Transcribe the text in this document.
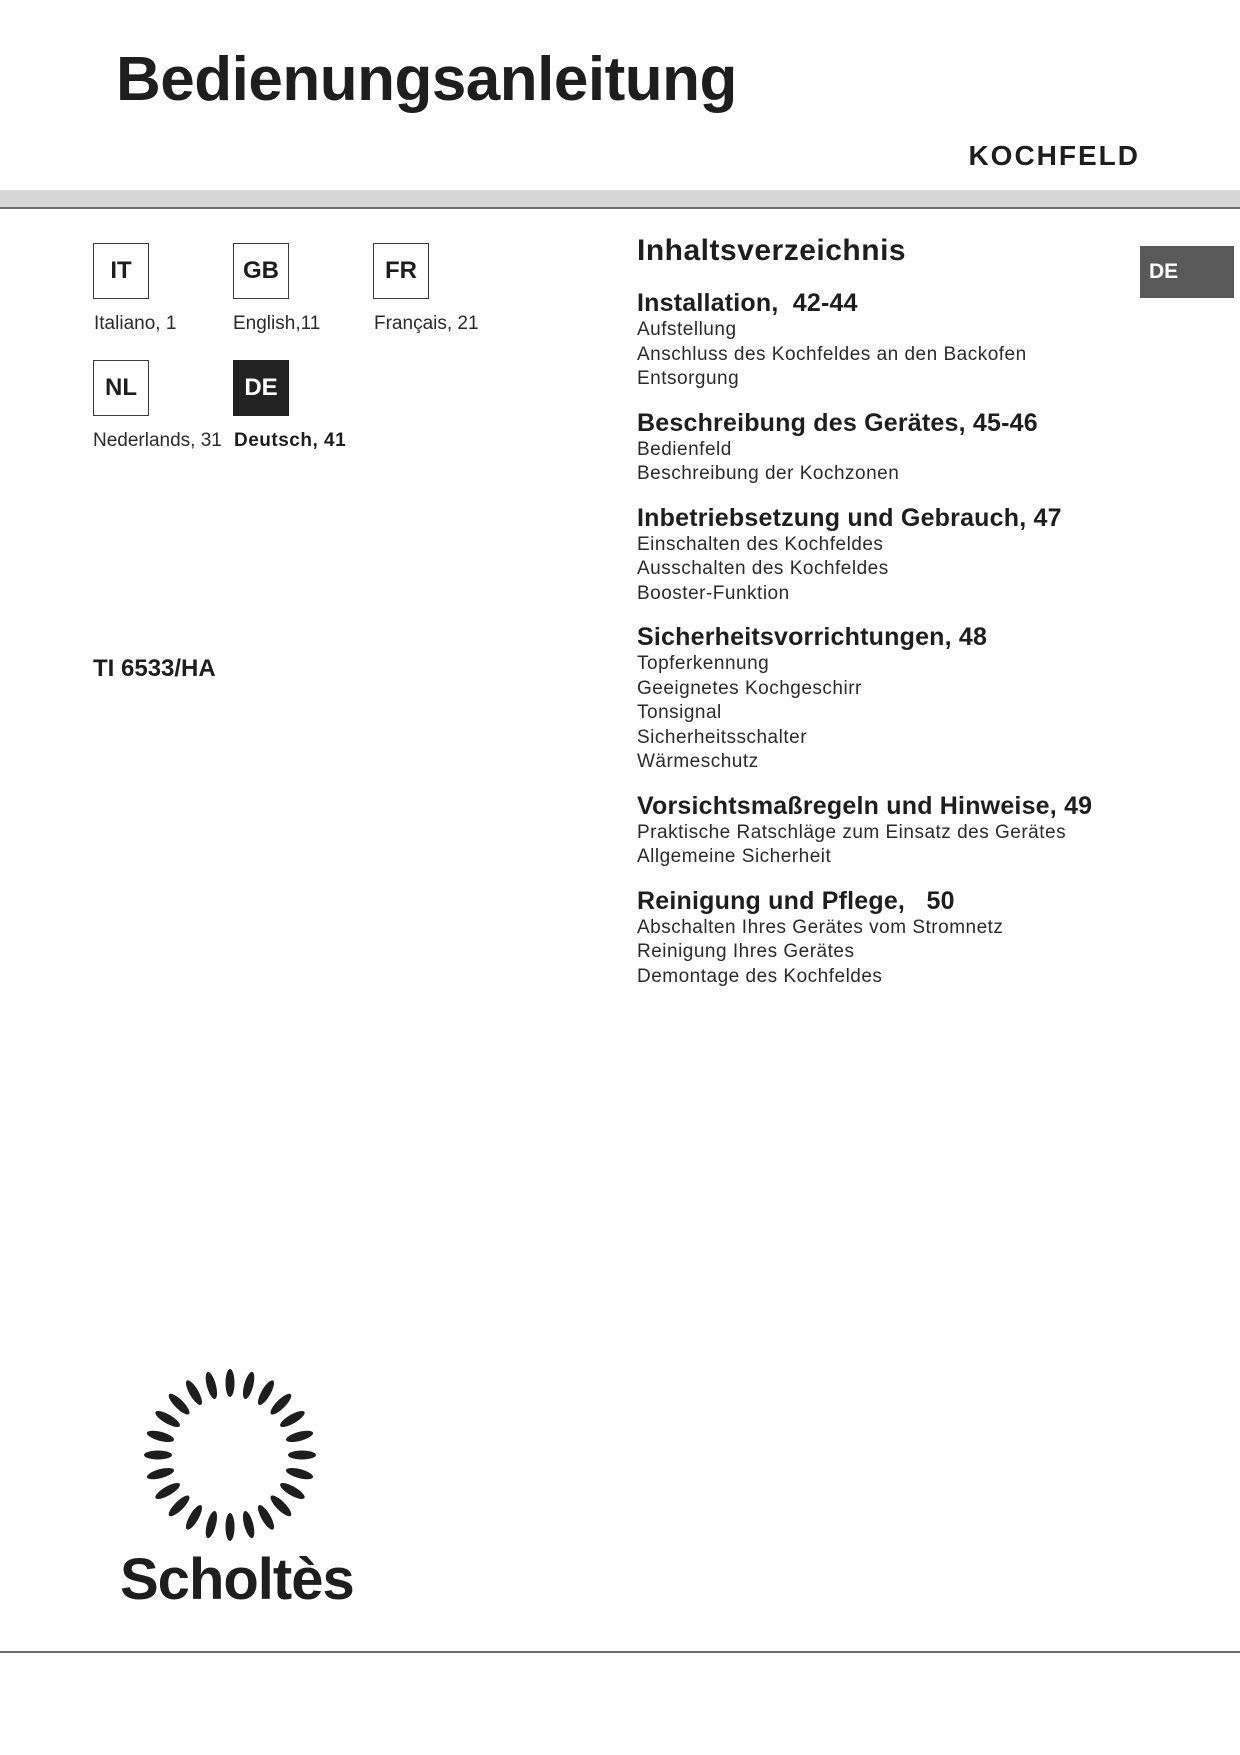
Bedienungsanleitung
KOCHFELD
IT
Italiano, 1
GB
English,11
FR
Français, 21
NL
Nederlands, 31
DE
Deutsch, 41
TI 6533/HA
DE
Inhaltsverzeichnis
Installation,  42-44
Aufstellung
Anschluss des Kochfeldes an den Backofen
Entsorgung
Beschreibung des Gerätes, 45-46
Bedienfeld
Beschreibung der Kochzonen
Inbetriebsetzung und Gebrauch, 47
Einschalten des Kochfeldes
Ausschalten des Kochfeldes
Booster-Funktion
Sicherheitsvorrichtungen, 48
Topferkennung
Geeignetes Kochgeschirr
Tonsignal
Sicherheitsschalter
Wärmeschutz
Vorsichtsmaßregeln und Hinweise, 49
Praktische Ratschläge zum Einsatz des Gerätes
Allgemeine Sicherheit
Reinigung und Pflege,   50
Abschalten Ihres Gerätes vom Stromnetz
Reinigung Ihres Gerätes
Demontage des Kochfeldes
Scholtès
